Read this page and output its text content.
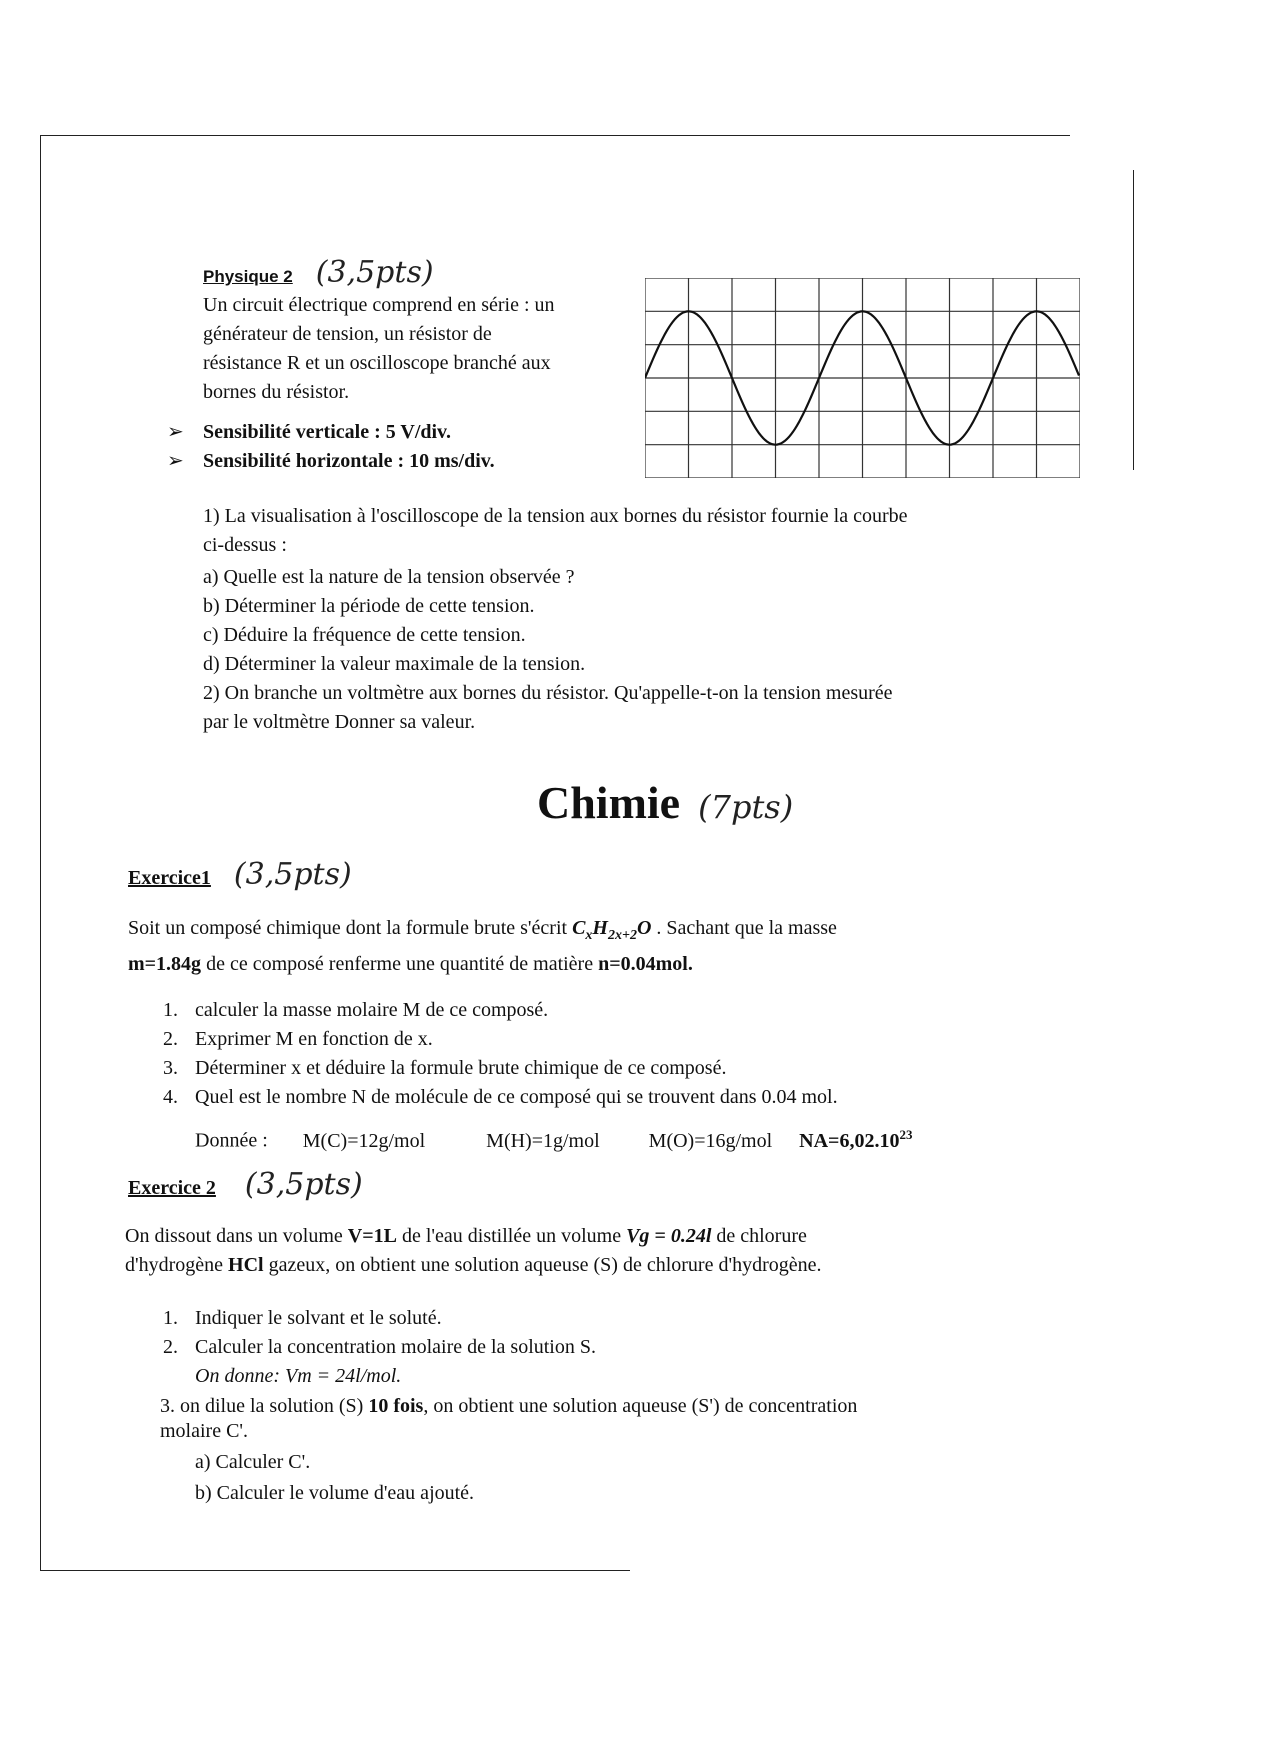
Physique 2 (3,5pts)
Un circuit électrique comprend en série : un
générateur de tension, un résistor de
résistance R et un oscilloscope branché aux
bornes du résistor.
➢ Sensibilité verticale : 5 V/div.
➢ Sensibilité horizontale : 10 ms/div.
1) La visualisation à l'oscilloscope de la tension aux bornes du résistor fournie la courbe
ci-dessus :
a) Quelle est la nature de la tension observée ?
b) Déterminer la période de cette tension.
c) Déduire la fréquence de cette tension.
d) Déterminer la valeur maximale de la tension.
2) On branche un voltmètre aux bornes du résistor. Qu'appelle-t-on la tension mesurée
par le voltmètre Donner sa valeur.
Chimie (7pts)
Exercice1 (3,5pts)
Soit un composé chimique dont la formule brute s'écrit $C_xH_{2x+2}O$ . Sachant que la masse
m=1.84g de ce composé renferme une quantité de matière n=0.04mol.
1. calculer la masse molaire M de ce composé.
2. Exprimer M en fonction de x.
3. Déterminer x et déduire la formule brute chimique de ce composé.
4. Quel est le nombre N de molécule de ce composé qui se trouvent dans 0.04 mol.
Donnée : M(C)=12g/mol	M(H)=1g/mol M(O)=16g/mol $NA=6,02.10^{23}$
Exercice 2 (3,5pts)
On dissout dans un volume V=1L de l'eau distillée un volume Vg = 0.24l de chlorure
d'hydrogène HCl gazeux, on obtient une solution aqueuse (S) de chlorure d'hydrogène.
1. Indiquer le solvant et le soluté.
2. Calculer la concentration molaire de la solution S.
On donne: Vm = 24l/mol.
3. on dilue la solution (S) 10 fois, on obtient une solution aqueuse (S') de concentration
molaire C'.
a) Calculer C'.
b) Calculer le volume d'eau ajouté.
